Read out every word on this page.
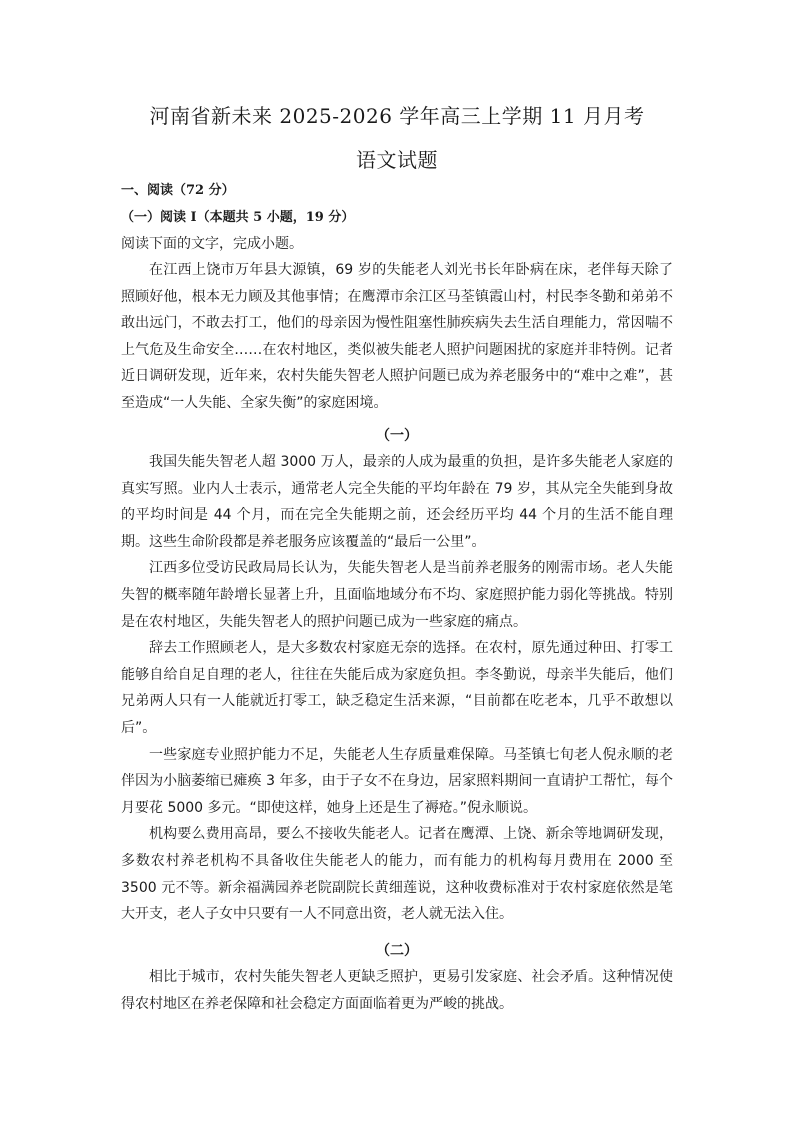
河南省新未来 2025-2026 学年高三上学期 11 月月考
语文试题
一、阅读（72 分）
（一）阅读 I（本题共 5 小题，19 分）
阅读下面的文字，完成小题。

在江西上饶市万年县大源镇，69 岁的失能老人刘光书长年卧病在床，老伴每天除了照顾好他，根本无力顾及其他事情；在鹰潭市余江区马荃镇霞山村，村民李冬勤和弟弟不敢出远门，不敢去打工，他们的母亲因为慢性阻塞性肺疾病失去生活自理能力，常因喘不上气危及生命安全……在农村地区，类似被失能老人照护问题困扰的家庭并非特例。记者近日调研发现，近年来，农村失能失智老人照护问题已成为养老服务中的“难中之难”，甚至造成“一人失能、全家失衡”的家庭困境。

（一）

我国失能失智老人超 3000 万人，最亲的人成为最重的负担，是许多失能老人家庭的真实写照。业内人士表示，通常老人完全失能的平均年龄在 79 岁，其从完全失能到身故的平均时间是 44 个月，而在完全失能期之前，还会经历平均 44 个月的生活不能自理期。这些生命阶段都是养老服务应该覆盖的“最后一公里”。

江西多位受访民政局局长认为，失能失智老人是当前养老服务的刚需市场。老人失能失智的概率随年龄增长显著上升，且面临地域分布不均、家庭照护能力弱化等挑战。特别是在农村地区，失能失智老人的照护问题已成为一些家庭的痛点。

辞去工作照顾老人，是大多数农村家庭无奈的选择。在农村，原先通过种田、打零工能够自给自足自理的老人，往往在失能后成为家庭负担。李冬勤说，母亲半失能后，他们兄弟两人只有一人能就近打零工，缺乏稳定生活来源，“目前都在吃老本，几乎不敢想以后”。

一些家庭专业照护能力不足，失能老人生存质量难保障。马荃镇七旬老人倪永顺的老伴因为小脑萎缩已瘫痪 3 年多，由于子女不在身边，居家照料期间一直请护工帮忙，每个月要花 5000 多元。“即使这样，她身上还是生了褥疮。”倪永顺说。

机构要么费用高昂，要么不接收失能老人。记者在鹰潭、上饶、新余等地调研发现，多数农村养老机构不具备收住失能老人的能力，而有能力的机构每月费用在 2000 至 3500 元不等。新余福满园养老院副院长黄细莲说，这种收费标准对于农村家庭依然是笔大开支，老人子女中只要有一人不同意出资，老人就无法入住。

（二）

相比于城市，农村失能失智老人更缺乏照护，更易引发家庭、社会矛盾。这种情况使得农村地区在养老保障和社会稳定方面面临着更为严峻的挑战。
